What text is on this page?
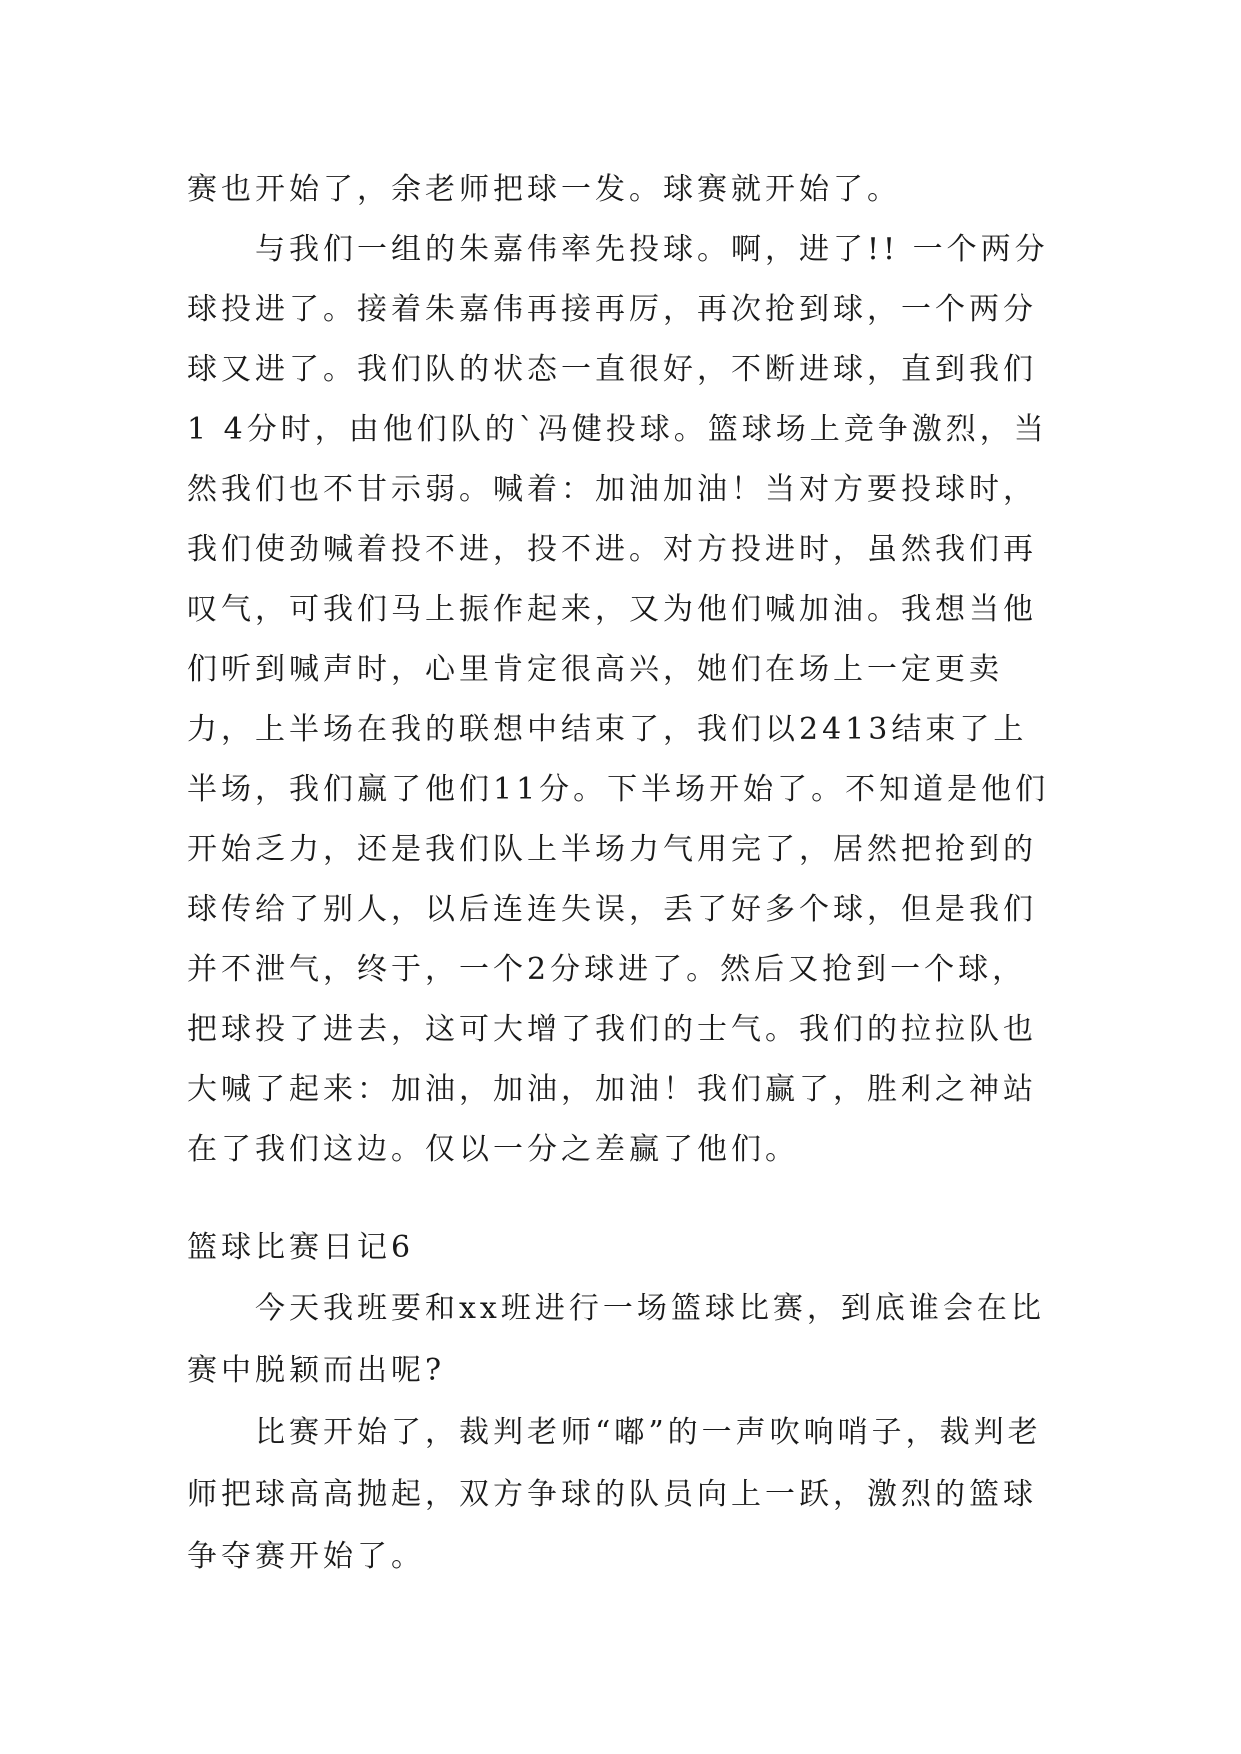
赛也开始了，余老师把球一发。球赛就开始了。

与我们一组的朱嘉伟率先投球。啊，进了!! 一个两分球投进了。接着朱嘉伟再接再厉，再次抢到球，一个两分球又进了。我们队的状态一直很好，不断进球，直到我们1 4分时，由他们队的`冯健投球。篮球场上竞争激烈，当然我们也不甘示弱。喊着：加油加油！当对方要投球时，我们使劲喊着投不进，投不进。对方投进时，虽然我们再叹气，可我们马上振作起来，又为他们喊加油。我想当他们听到喊声时，心里肯定很高兴，她们在场上一定更卖力，上半场在我的联想中结束了，我们以2413结束了上半场，我们赢了他们11分。下半场开始了。不知道是他们开始乏力，还是我们队上半场力气用完了，居然把抢到的球传给了别人，以后连连失误，丢了好多个球，但是我们并不泄气，终于，一个2分球进了。然后又抢到一个球，把球投了进去，这可大增了我们的士气。我们的拉拉队也大喊了起来：加油，加油，加油！我们赢了，胜利之神站在了我们这边。仅以一分之差赢了他们。

篮球比赛日记6

今天我班要和xx班进行一场篮球比赛，到底谁会在比赛中脱颖而出呢?

比赛开始了，裁判老师“嘟”的一声吹响哨子，裁判老师把球高高抛起，双方争球的队员向上一跃，激烈的篮球争夺赛开始了。
